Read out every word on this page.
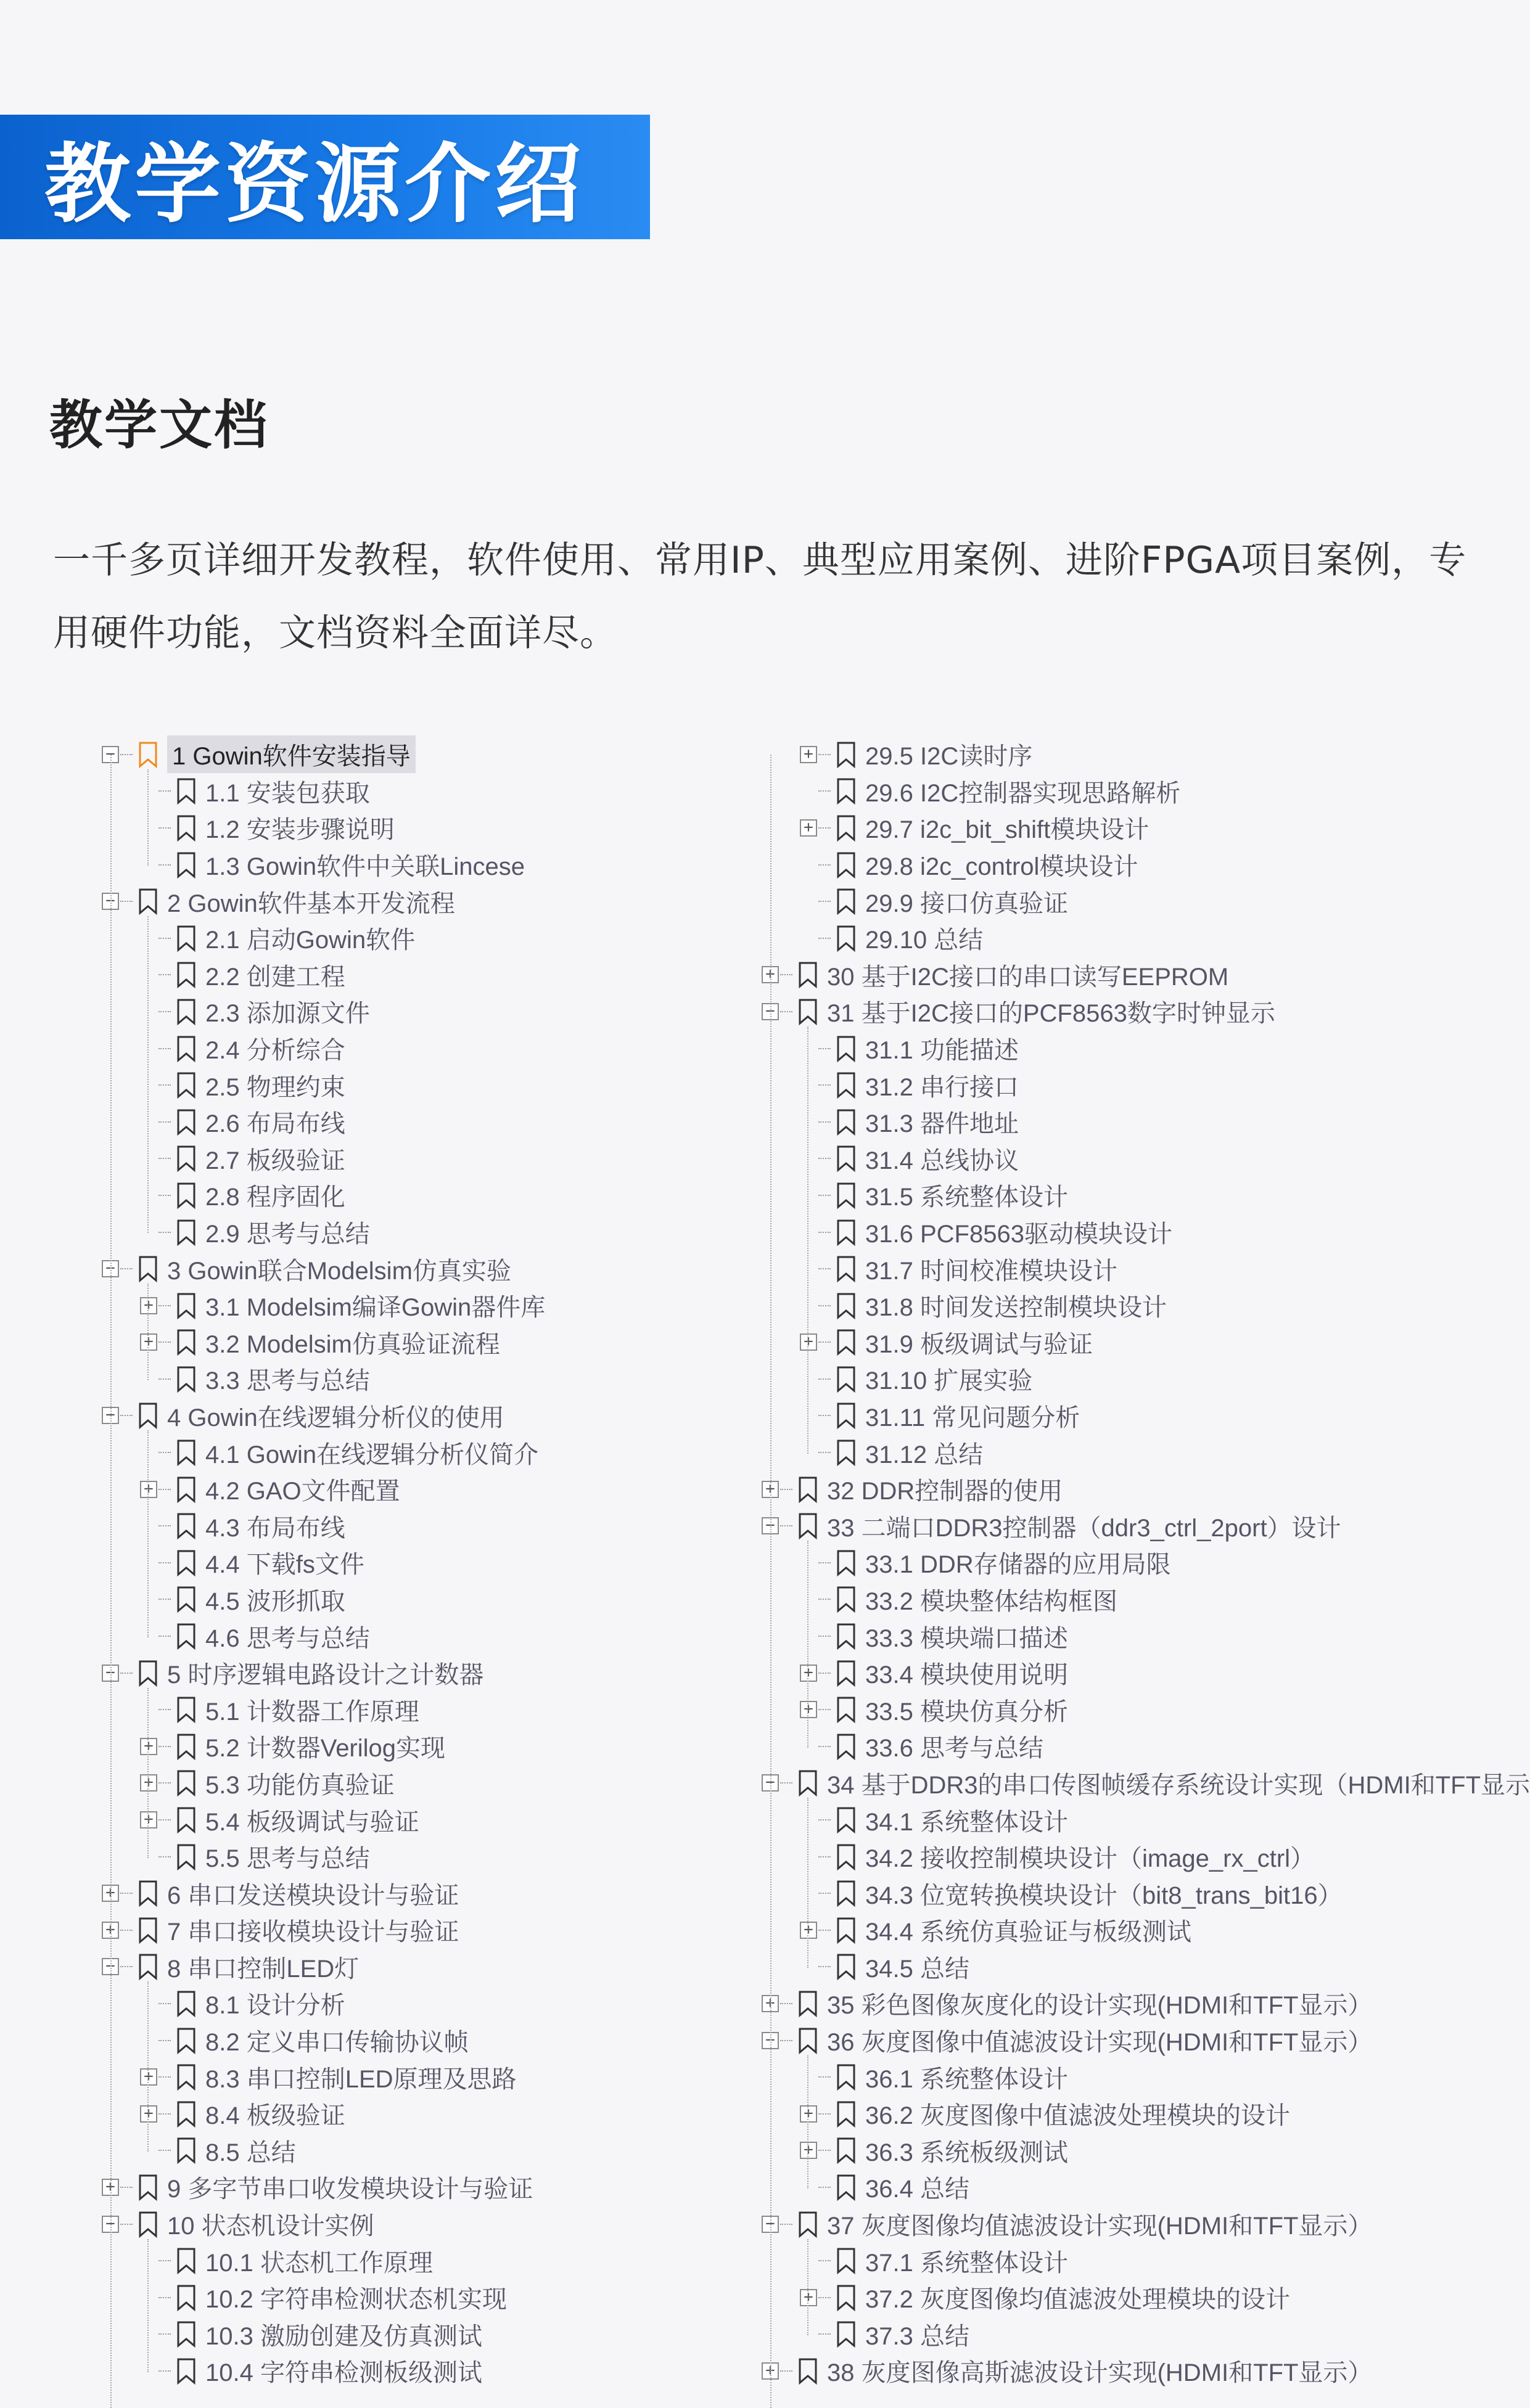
教学资源介绍
教学文档
一千多页详细开发教程，软件使用、常用IP、典型应用案例、进阶FPGA项目案例，专用硬件功能，文档资料全面详尽。
− 1 Gowin软件安装指导
1.1 安装包获取
1.2 安装步骤说明
1.3 Gowin软件中关联Lincese
− 2 Gowin软件基本开发流程
2.1 启动Gowin软件
2.2 创建工程
2.3 添加源文件
2.4 分析综合
2.5 物理约束
2.6 布局布线
2.7 板级验证
2.8 程序固化
2.9 思考与总结
− 3 Gowin联合Modelsim仿真实验
+ 3.1 Modelsim编译Gowin器件库
+ 3.2 Modelsim仿真验证流程
3.3 思考与总结
− 4 Gowin在线逻辑分析仪的使用
4.1 Gowin在线逻辑分析仪简介
+ 4.2 GAO文件配置
4.3 布局布线
4.4 下载fs文件
4.5 波形抓取
4.6 思考与总结
− 5 时序逻辑电路设计之计数器
5.1 计数器工作原理
+ 5.2 计数器Verilog实现
+ 5.3 功能仿真验证
+ 5.4 板级调试与验证
5.5 思考与总结
+ 6 串口发送模块设计与验证
+ 7 串口接收模块设计与验证
− 8 串口控制LED灯
8.1 设计分析
8.2 定义串口传输协议帧
+ 8.3 串口控制LED原理及思路
+ 8.4 板级验证
8.5 总结
+ 9 多字节串口收发模块设计与验证
− 10 状态机设计实例
10.1 状态机工作原理
10.2 字符串检测状态机实现
10.3 激励创建及仿真测试
10.4 字符串检测板级测试
+ 29.5 I2C读时序
29.6 I2C控制器实现思路解析
+ 29.7 i2c_bit_shift模块设计
29.8 i2c_control模块设计
29.9 接口仿真验证
29.10 总结
+ 30 基于I2C接口的串口读写EEPROM
− 31 基于I2C接口的PCF8563数字时钟显示
31.1 功能描述
31.2 串行接口
31.3 器件地址
31.4 总线协议
31.5 系统整体设计
31.6 PCF8563驱动模块设计
31.7 时间校准模块设计
31.8 时间发送控制模块设计
+ 31.9 板级调试与验证
31.10 扩展实验
31.11 常见问题分析
31.12 总结
+ 32 DDR控制器的使用
− 33 二端口DDR3控制器（ddr3_ctrl_2port）设计
33.1 DDR存储器的应用局限
33.2 模块整体结构框图
33.3 模块端口描述
+ 33.4 模块使用说明
+ 33.5 模块仿真分析
33.6 思考与总结
− 34 基于DDR3的串口传图帧缓存系统设计实现（HDMI和TFT显示
34.1 系统整体设计
34.2 接收控制模块设计（image_rx_ctrl）
34.3 位宽转换模块设计（bit8_trans_bit16）
+ 34.4 系统仿真验证与板级测试
34.5 总结
+ 35 彩色图像灰度化的设计实现(HDMI和TFT显示）
− 36 灰度图像中值滤波设计实现(HDMI和TFT显示）
36.1 系统整体设计
+ 36.2 灰度图像中值滤波处理模块的设计
+ 36.3 系统板级测试
36.4 总结
− 37 灰度图像均值滤波设计实现(HDMI和TFT显示）
37.1 系统整体设计
+ 37.2 灰度图像均值滤波处理模块的设计
37.3 总结
+ 38 灰度图像高斯滤波设计实现(HDMI和TFT显示）
